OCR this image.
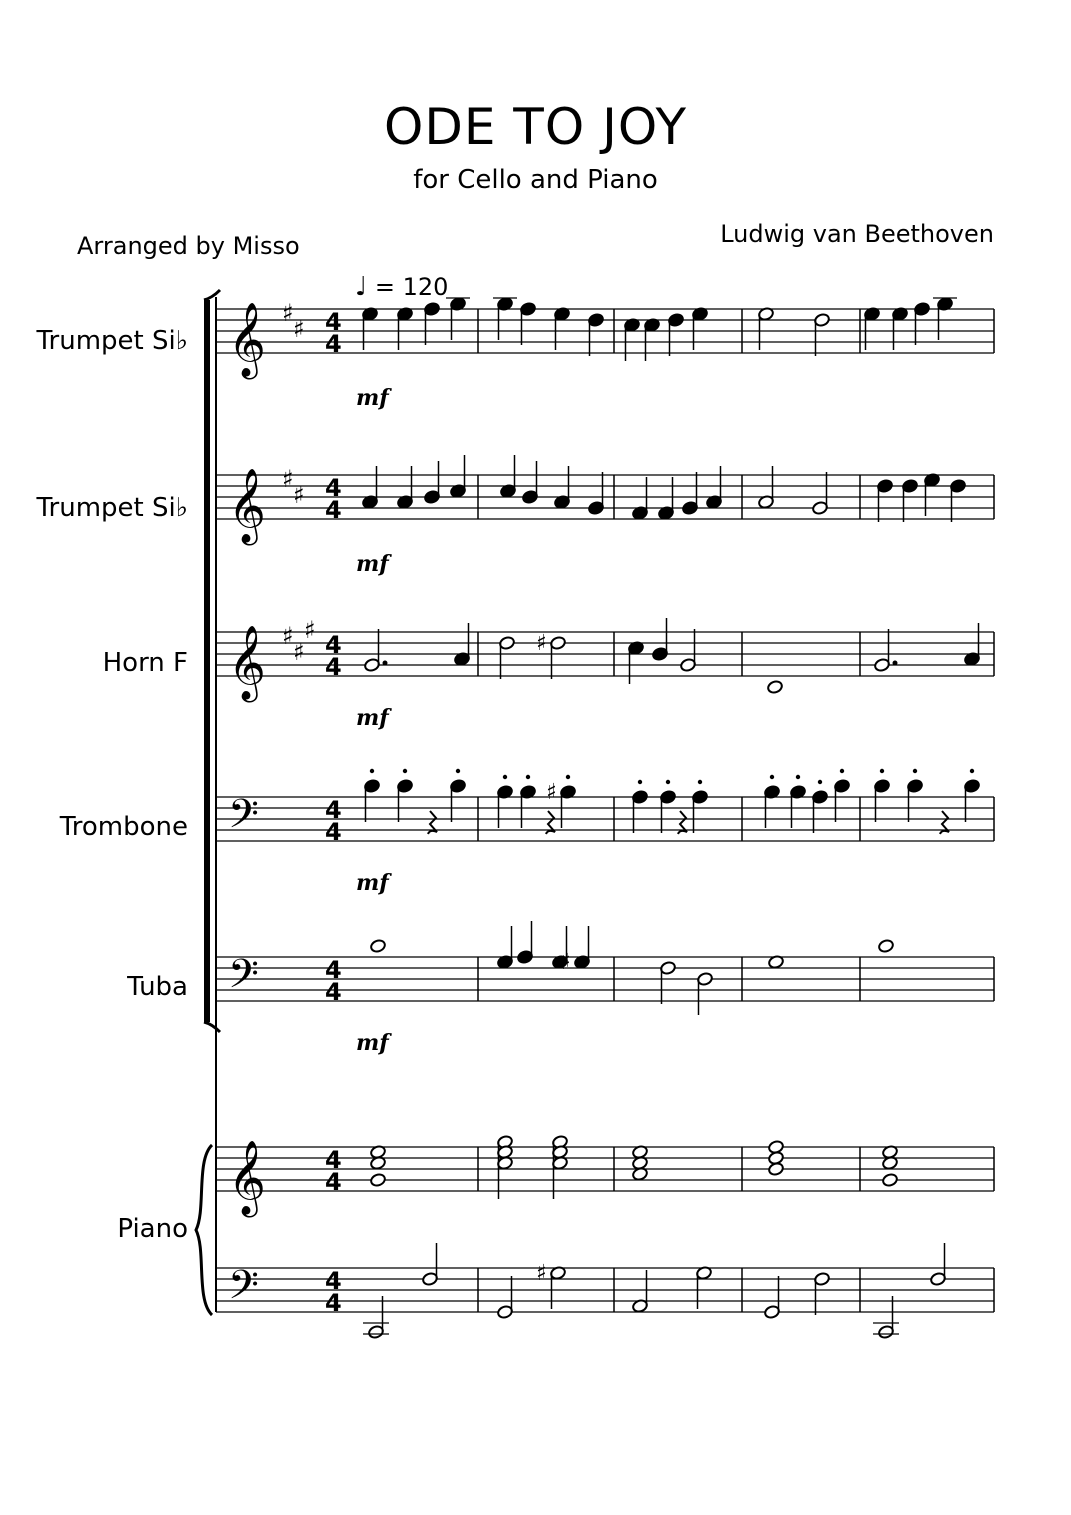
ODE TO JOY
for Cello and Piano
Arranged by Misso	Ludwig van Beethoven
♩ = 120
Trumpet Si♭
Trumpet Si♭
Horn F
Trombone
Tuba
Piano
mf
mf
mf
mf
mf
𝄞 ♯
♯ 4
4
𝄞 ♯
♯ 4
4
𝄞 ♯
♯
♯
4
4
𝄢	4
4
𝄢	4
4
𝄞 4
4
𝄢	4
4
♯
♯
♯
♯
